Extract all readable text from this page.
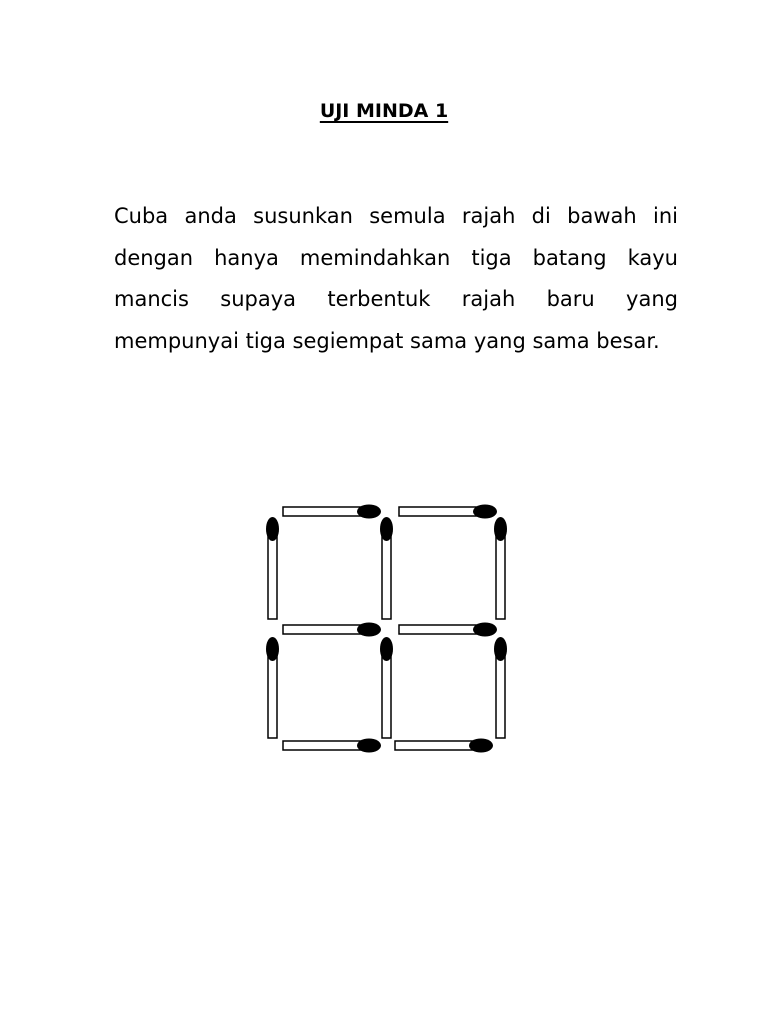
UJI MINDA 1

Cuba anda susunkan semula rajah di bawah ini dengan hanya memindahkan tiga batang kayu mancis supaya terbentuk rajah baru yang mempunyai tiga segiempat sama yang sama besar.
